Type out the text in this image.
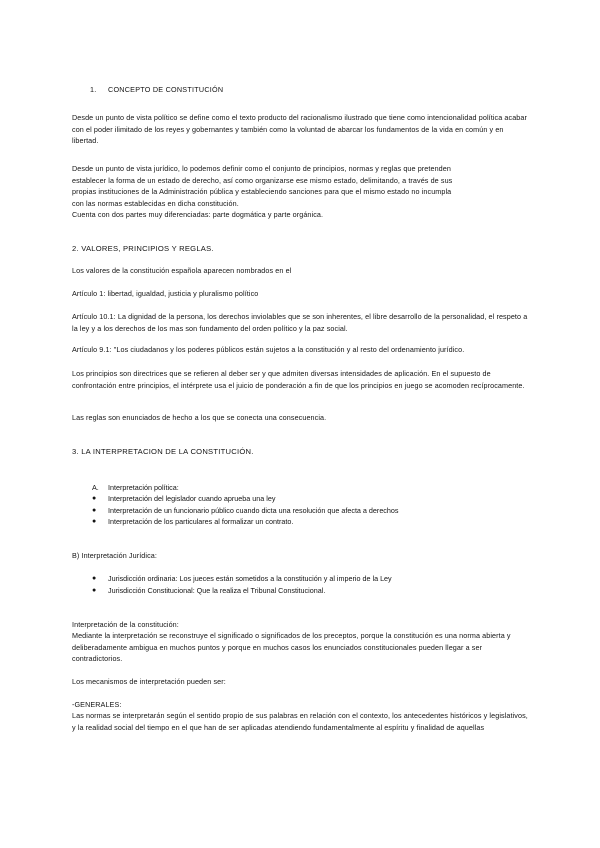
1. CONCEPTO DE CONSTITUCIÓN

Desde un punto de vista político se define como el texto producto del racionalismo ilustrado que tiene como intencionalidad política acabar con el poder ilimitado de los reyes y gobernantes y también como la voluntad de abarcar los fundamentos de la vida en común y en libertad.

Desde un punto de vista jurídico, lo podemos definir como el conjunto de principios, normas y reglas que pretenden
establecer la forma de un estado de derecho, así como organizarse ese mismo estado, delimitando, a través de sus
propias instituciones de la Administración pública y estableciendo sanciones para que el mismo estado no incumpla
con las normas establecidas en dicha constitución.
Cuenta con dos partes muy diferenciadas: parte dogmática y parte orgánica.

2. VALORES, PRINCIPIOS Y REGLAS.

Los valores de la constitución española aparecen nombrados en el

Artículo 1: libertad, igualdad, justicia y pluralismo político

Artículo 10.1: La dignidad de la persona, los derechos inviolables que se son inherentes, el libre desarrollo de la personalidad, el respeto a la ley y a los derechos de los mas son fundamento del orden político y la paz social.

Artículo 9.1: "Los ciudadanos y los poderes públicos están sujetos a la constitución y al resto del ordenamiento jurídico.

Los principios son directrices que se refieren al deber ser y que admiten diversas intensidades de aplicación. En el supuesto de confrontación entre principios, el intérprete usa el juicio de ponderación a fin de que los principios en juego se acomoden recíprocamente.

Las reglas son enunciados de hecho a los que se conecta una consecuencia.

3. LA INTERPRETACION DE LA CONSTITUCIÓN.

A. Interpretación política:
● Interpretación del legislador cuando aprueba una ley
● Interpretación de un funcionario público cuando dicta una resolución que afecta a derechos
● Interpretación de los particulares al formalizar un contrato.

B) Interpretación Jurídica:

● Jurisdicción ordinaria: Los jueces están sometidos a la constitución y al imperio de la Ley
● Jurisdicción Constitucional: Que la realiza el Tribunal Constitucional.

Interpretación de la constitución:

Mediante la interpretación se reconstruye el significado o significados de los preceptos, porque la constitución es una norma abierta y deliberadamente ambigua en muchos puntos y porque en muchos casos los enunciados constitucionales pueden llegar a ser contradictorios.

Los mecanismos de interpretación pueden ser:

-GENERALES:

Las normas se interpretarán según el sentido propio de sus palabras en relación con el contexto, los antecedentes históricos y legislativos, y la realidad social del tiempo en el que han de ser aplicadas atendiendo fundamentalmente al espíritu y finalidad de aquellas
